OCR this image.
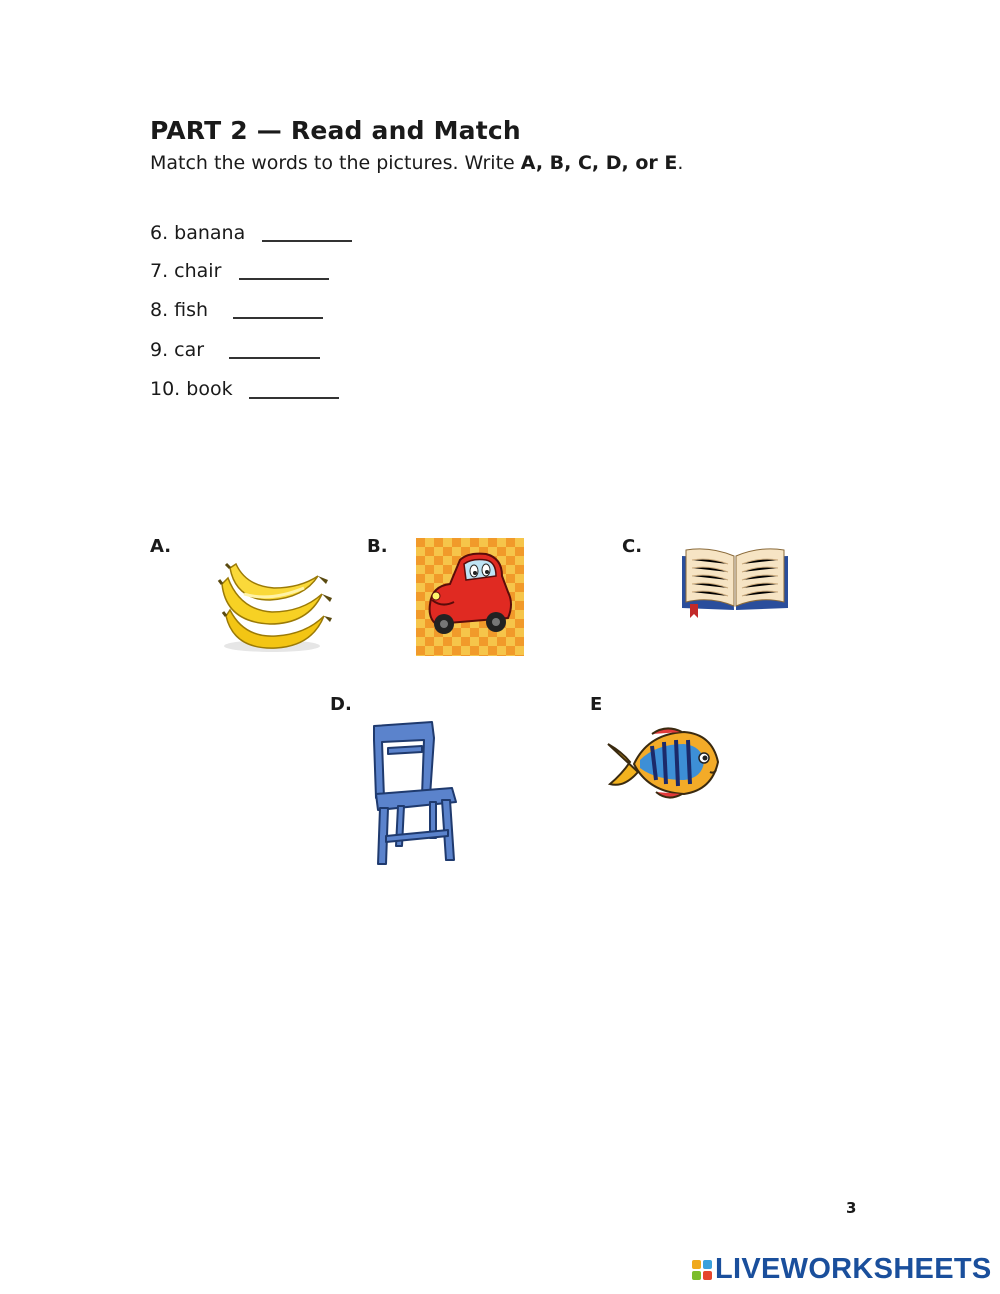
PART 2 — Read and Match
Match the words to the pictures. Write A, B, C, D, or E.
6. banana
7. chair
8. fish
9. car
10. book
A.	B.	C.
D.	E
3
LIVEWORKSHEETS
